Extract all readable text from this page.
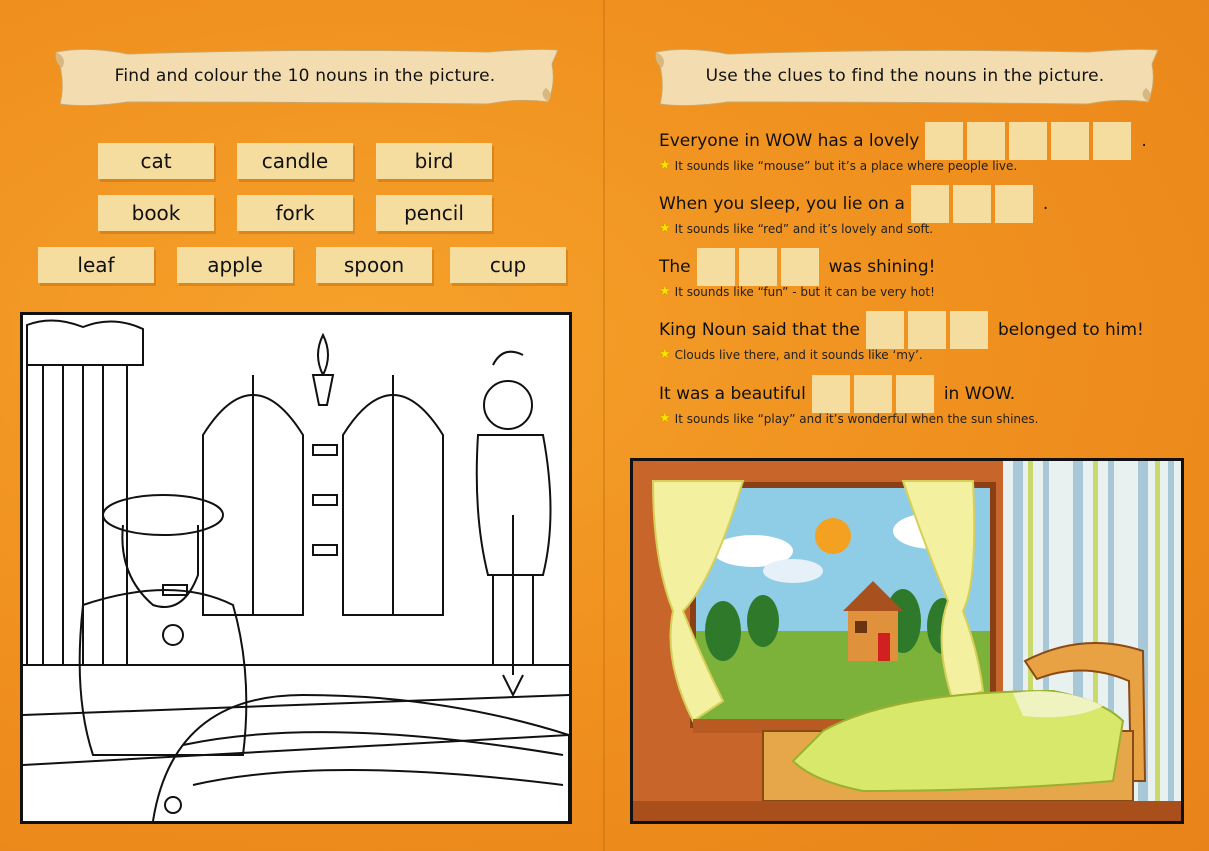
Find and colour the 10 nouns in the picture.
cat	candle	bird
book	fork	pencil
leaf	apple	spoon	cup
Use the clues to find the nouns in the picture.
Everyone in WOW has a lovely	.
★ It sounds like “mouse” but it’s a place where people live.
When you sleep, you lie on a	.
★ It sounds like “red” and it’s lovely and soft.
The	was shining!
★ It sounds like “fun” - but it can be very hot!
King Noun said that the	belonged to him!
★ Clouds live there, and it sounds like ‘my’.
It was a beautiful	in WOW.
★ It sounds like “play” and it’s wonderful when the sun shines.
